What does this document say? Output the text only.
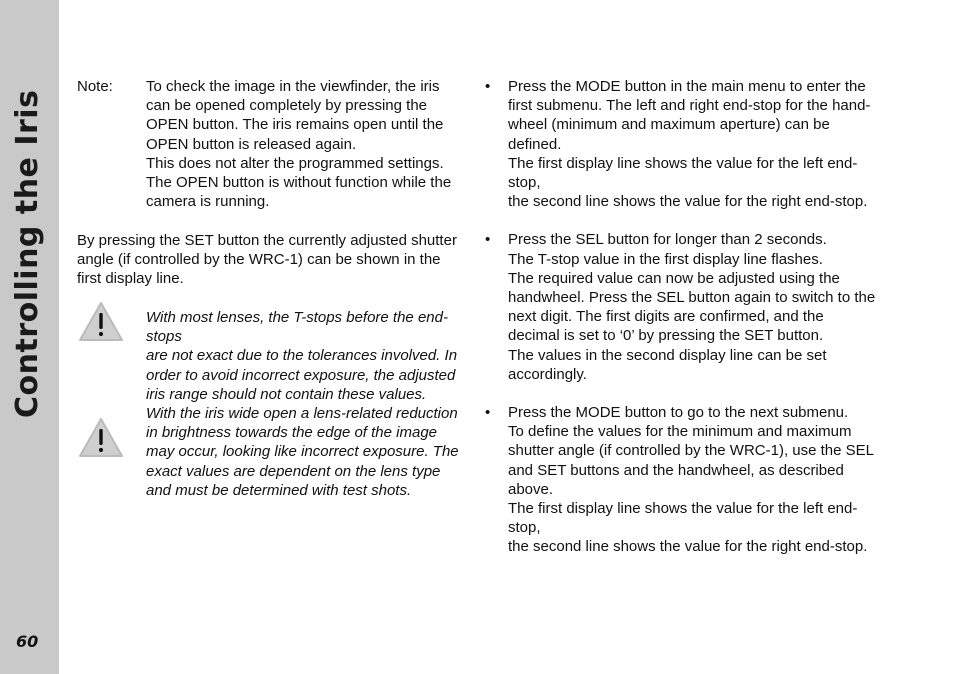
Controlling the Iris
60
Note: To check the image in the viewfinder, the iris
can be opened completely by pressing the
OPEN button. The iris remains open until the
OPEN button is released again.
This does not alter the programmed settings.
The OPEN button is without function while the
camera is running.
By pressing the SET button the currently adjusted shutter
angle (if controlled by the WRC-1) can be shown in the
first display line.
With most lenses, the T-stops before the end-stops
are not exact due to the tolerances involved. In
order to avoid incorrect exposure, the adjusted
iris range should not contain these values.
With the iris wide open a lens-related reduction
in brightness towards the edge of the image
may occur, looking like incorrect exposure. The
exact values are dependent on the lens type
and must be determined with test shots.
• Press the MODE button in the main menu to enter the
first submenu. The left and right end-stop for the hand-
wheel (minimum and maximum aperture) can be defined.
The first display line shows the value for the left end-stop,
the second line shows the value for the right end-stop.
• Press the SEL button for longer than 2 seconds.
The T-stop value in the first display line flashes.
The required value can now be adjusted using the
handwheel. Press the SEL button again to switch to the
next digit. The first digits are confirmed, and the
decimal is set to ‘0’ by pressing the SET button.
The values in the second display line can be set
accordingly.
• Press the MODE button to go to the next submenu.
To define the values for the minimum and maximum
shutter angle (if controlled by the WRC-1), use the SEL
and SET buttons and the handwheel, as described above.
The first display line shows the value for the left end-stop,
the second line shows the value for the right end-stop.
